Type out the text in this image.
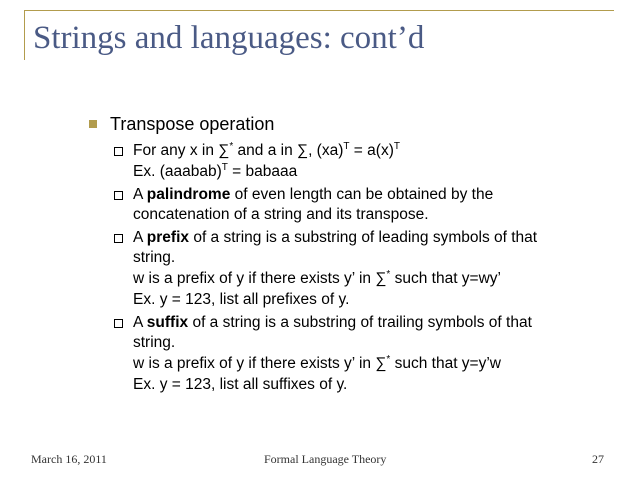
Strings and languages: cont’d
Transpose operation
For any x in ∑* and a in ∑, $(xa)^T = a(x)^T$
Ex. (aaabab)$^T$ = babaaa
A palindrome of even length can be obtained by the
concatenation of a string and its transpose.
A prefix of a string is a substring of leading symbols of that
string.
w is a prefix of y if there exists y’ in ∑* such that y=wy’
Ex. y = 123, list all prefixes of y.
A suffix of a string is a substring of trailing symbols of that
string.
w is a prefix of y if there exists y’ in ∑* such that y=y’w
Ex. y = 123, list all suffixes of y.
March 16, 2011	Formal Language Theory	27
